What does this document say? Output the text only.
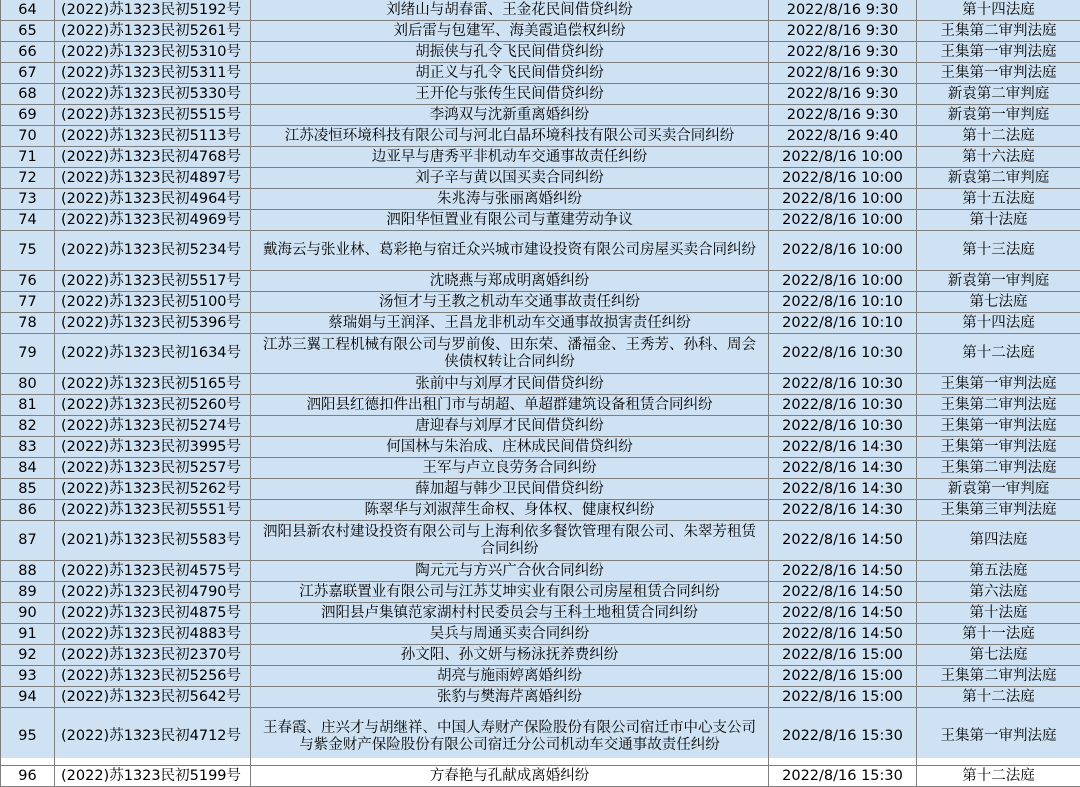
64	(2022)苏1323民初5192号	刘绪山与胡春雷、王金花民间借贷纠纷	2022/8/16 9:30	第十四法庭
65	(2022)苏1323民初5261号	刘后雷与包建军、海美霞追偿权纠纷	2022/8/16 9:30	王集第二审判法庭
66	(2022)苏1323民初5310号	胡振侠与孔令飞民间借贷纠纷	2022/8/16 9:30	王集第一审判法庭
67	(2022)苏1323民初5311号	胡正义与孔令飞民间借贷纠纷	2022/8/16 9:30	王集第一审判法庭
68	(2022)苏1323民初5330号	王开伦与张传生民间借贷纠纷	2022/8/16 9:30	新袁第二审判庭
69	(2022)苏1323民初5515号	李鸿双与沈新重离婚纠纷	2022/8/16 9:30	新袁第一审判庭
70	(2022)苏1323民初5113号	江苏凌恒环境科技有限公司与河北白晶环境科技有限公司买卖合同纠纷	2022/8/16 9:40	第十二法庭
71	(2022)苏1323民初4768号	边亚早与唐秀平非机动车交通事故责任纠纷	2022/8/16 10:00	第十六法庭
72	(2022)苏1323民初4897号	刘子辛与黄以国买卖合同纠纷	2022/8/16 10:00	新袁第二审判庭
73	(2022)苏1323民初4964号	朱兆涛与张丽离婚纠纷	2022/8/16 10:00	第十五法庭
74	(2022)苏1323民初4969号	泗阳华恒置业有限公司与董建劳动争议	2022/8/16 10:00	第十法庭
75	(2022)苏1323民初5234号	戴海云与张业林、葛彩艳与宿迁众兴城市建设投资有限公司房屋买卖合同纠纷	2022/8/16 10:00	第十三法庭
76	(2022)苏1323民初5517号	沈晓燕与郑成明离婚纠纷	2022/8/16 10:00	新袁第一审判庭
77	(2022)苏1323民初5100号	汤恒才与王教之机动车交通事故责任纠纷	2022/8/16 10:10	第七法庭
78	(2022)苏1323民初5396号	蔡瑞娟与王润泽、王昌龙非机动车交通事故损害责任纠纷	2022/8/16 10:10	第十四法庭
79	(2022)苏1323民初1634号	江苏三翼工程机械有限公司与罗前俊、田东荣、潘福金、王秀芳、孙科、周会侠债权转让合同纠纷	2022/8/16 10:30	第十二法庭
80	(2022)苏1323民初5165号	张前中与刘厚才民间借贷纠纷	2022/8/16 10:30	王集第一审判法庭
81	(2022)苏1323民初5260号	泗阳县红德扣件出租门市与胡超、单超群建筑设备租赁合同纠纷	2022/8/16 10:30	王集第二审判法庭
82	(2022)苏1323民初5274号	唐迎春与刘厚才民间借贷纠纷	2022/8/16 10:30	王集第一审判法庭
83	(2022)苏1323民初3995号	何国林与朱治成、庄林成民间借贷纠纷	2022/8/16 14:30	王集第一审判法庭
84	(2022)苏1323民初5257号	王军与卢立良劳务合同纠纷	2022/8/16 14:30	王集第二审判法庭
85	(2022)苏1323民初5262号	薛加超与韩少卫民间借贷纠纷	2022/8/16 14:30	新袁第一审判庭
86	(2022)苏1323民初5551号	陈翠华与刘淑萍生命权、身体权、健康权纠纷	2022/8/16 14:30	王集第三审判法庭
87	(2021)苏1323民初5583号	泗阳县新农村建设投资有限公司与上海利依多餐饮管理有限公司、朱翠芳租赁合同纠纷	2022/8/16 14:50	第四法庭
88	(2022)苏1323民初4575号	陶元元与方兴广合伙合同纠纷	2022/8/16 14:50	第五法庭
89	(2022)苏1323民初4790号	江苏嘉联置业有限公司与江苏艾坤实业有限公司房屋租赁合同纠纷	2022/8/16 14:50	第六法庭
90	(2022)苏1323民初4875号	泗阳县卢集镇范家湖村村民委员会与王科土地租赁合同纠纷	2022/8/16 14:50	第十法庭
91	(2022)苏1323民初4883号	吴兵与周通买卖合同纠纷	2022/8/16 14:50	第十一法庭
92	(2022)苏1323民初2370号	孙文阳、孙文妍与杨泳抚养费纠纷	2022/8/16 15:00	第七法庭
93	(2022)苏1323民初5256号	胡亮与施雨婷离婚纠纷	2022/8/16 15:00	王集第二审判法庭
94	(2022)苏1323民初5642号	张豹与樊海芹离婚纠纷	2022/8/16 15:00	第十二法庭
95	(2022)苏1323民初4712号	王春霞、庄兴才与胡继祥、中国人寿财产保险股份有限公司宿迁市中心支公司与紫金财产保险股份有限公司宿迁分公司机动车交通事故责任纠纷	2022/8/16 15:30	王集第一审判法庭
96	(2022)苏1323民初5199号	方春艳与孔献成离婚纠纷	2022/8/16 15:30	第十二法庭
